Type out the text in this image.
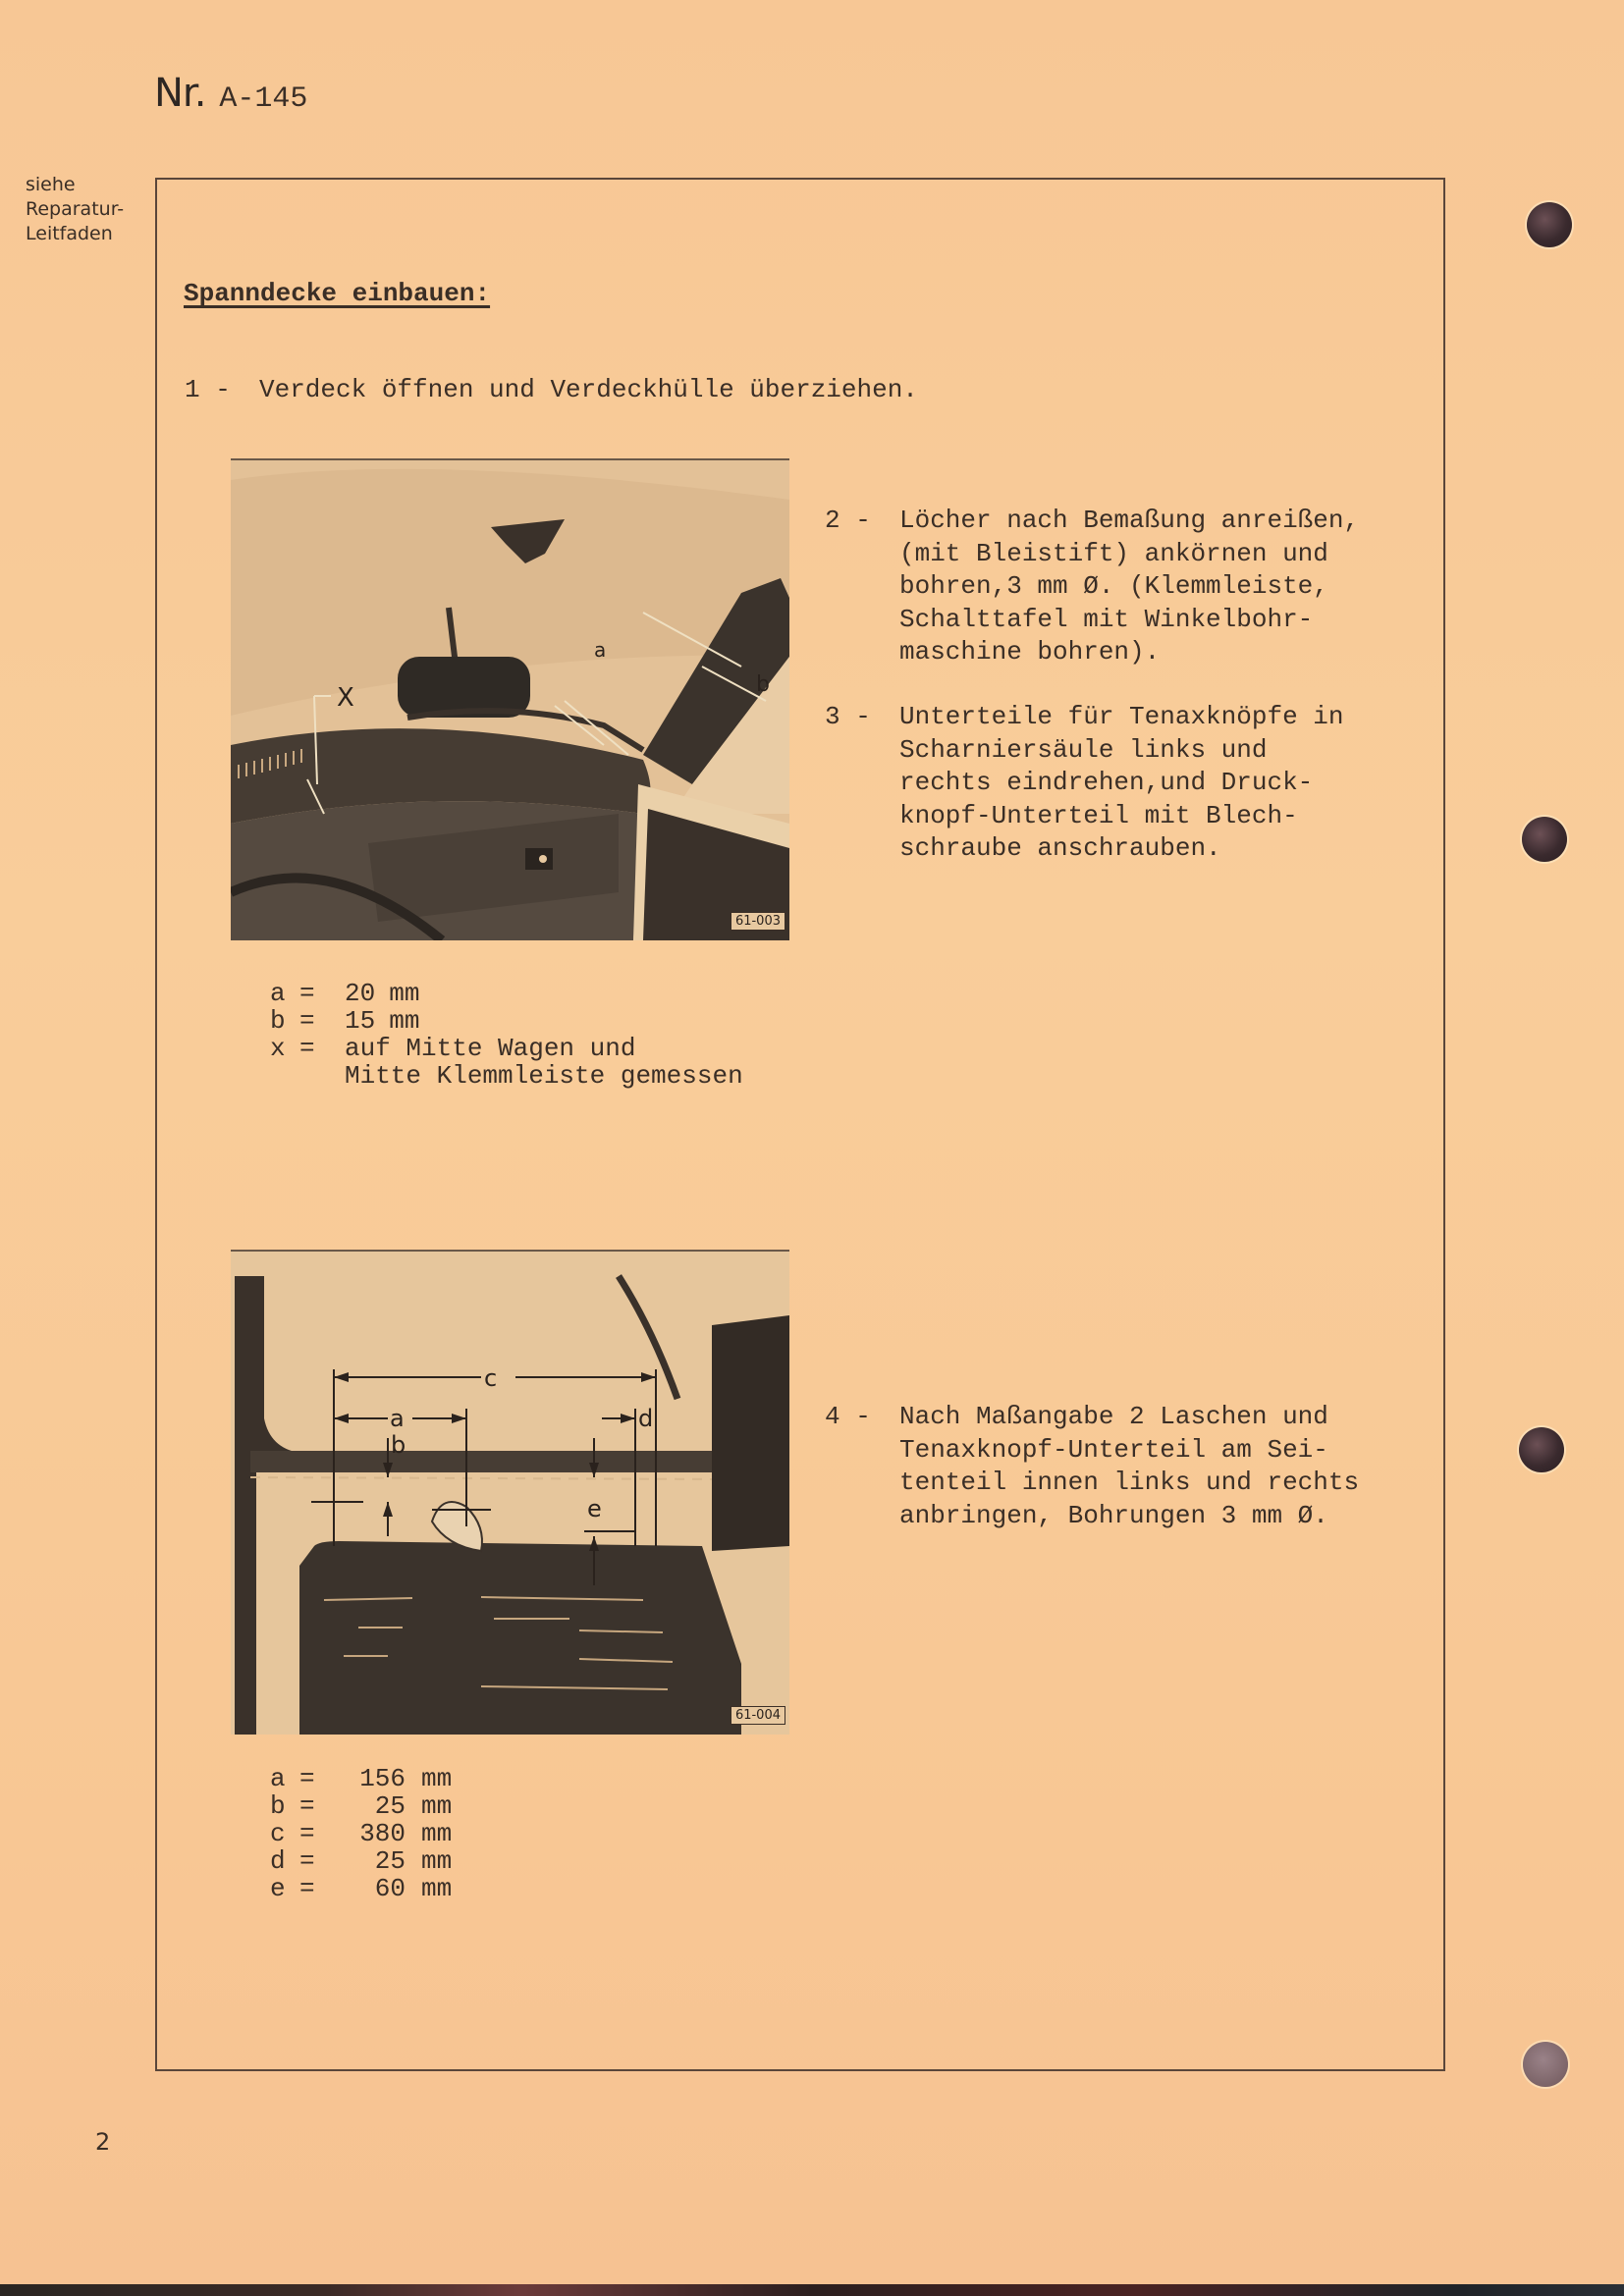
Nr. A-145
siehe
Reparatur-
Leitfaden
Spanndecke einbauen:
1 -	Verdeck öffnen und Verdeckhülle überziehen.
2 -	Löcher nach Bemaßung anreißen,
(mit Bleistift) ankörnen und
bohren,3 mm Ø. (Klemmleiste,
Schalttafel mit Winkelbohr-
maschine bohren).
3 -	Unterteile für Tenaxknöpfe in
Scharniersäule links und
rechts eindrehen,und Druck-
knopf-Unterteil mit Blech-
schraube anschrauben.
4 -	Nach Maßangabe 2 Laschen und
Tenaxknopf-Unterteil am Sei-
tenteil innen links und rechts
anbringen, Bohrungen 3 mm Ø.
X
a
b
61-003
a =	20 mm
b =	15 mm
x =	auf Mitte Wagen und
Mitte Klemmleiste gemessen
c
a
b
d
e
61-004
a =	156 mm
b =	25 mm
c =	380 mm
d =	25 mm
e =	60 mm
2
